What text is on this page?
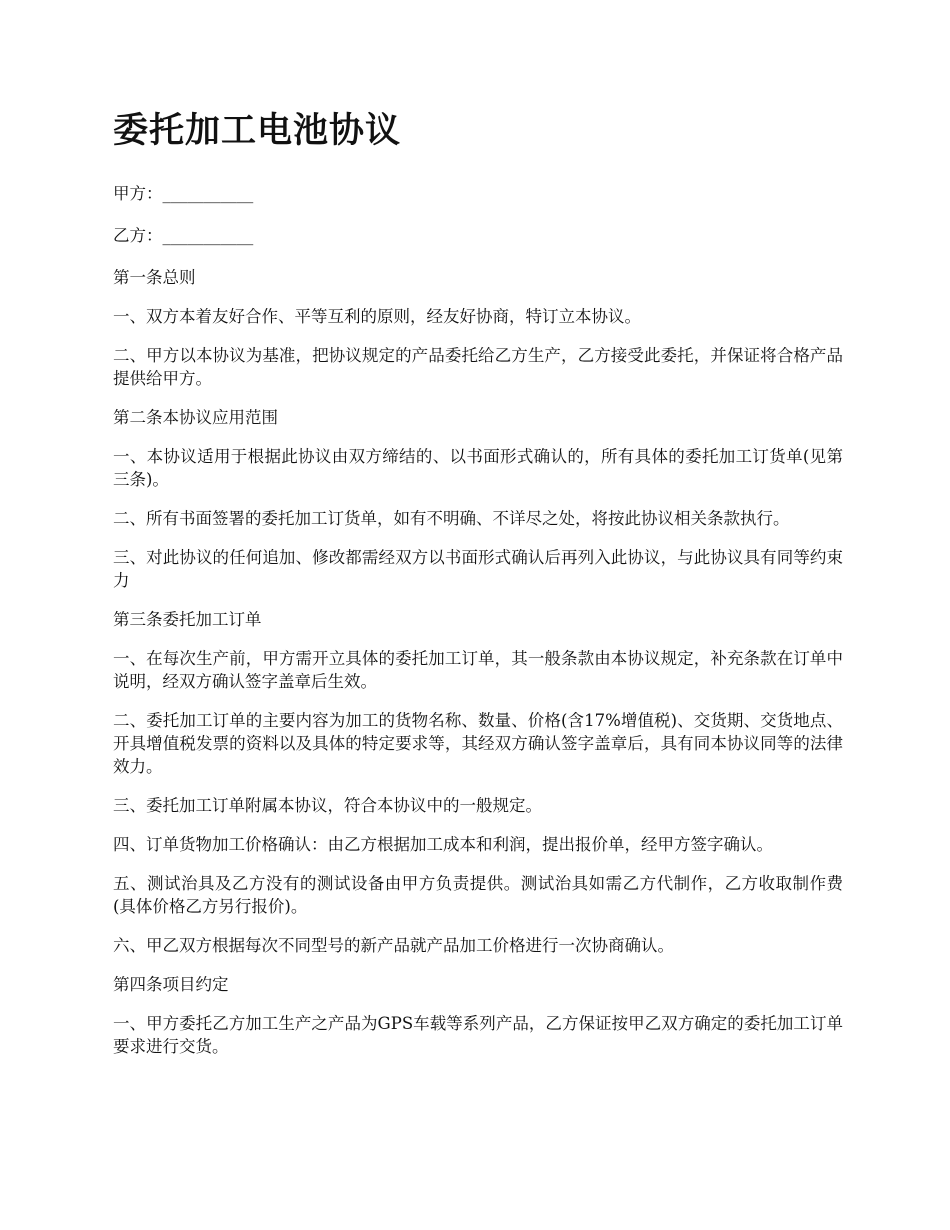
委托加工电池协议

甲方：___________

乙方：___________

第一条总则

一、双方本着友好合作、平等互利的原则，经友好协商，特订立本协议。

二、甲方以本协议为基准，把协议规定的产品委托给乙方生产，乙方接受此委托，并保证将合格产品提供给甲方。

第二条本协议应用范围

一、本协议适用于根据此协议由双方缔结的、以书面形式确认的，所有具体的委托加工订货单(见第三条)。

二、所有书面签署的委托加工订货单，如有不明确、不详尽之处，将按此协议相关条款执行。

三、对此协议的任何追加、修改都需经双方以书面形式确认后再列入此协议，与此协议具有同等约束力

第三条委托加工订单

一、在每次生产前，甲方需开立具体的委托加工订单，其一般条款由本协议规定，补充条款在订单中说明，经双方确认签字盖章后生效。

二、委托加工订单的主要内容为加工的货物名称、数量、价格(含17%增值税)、交货期、交货地点、开具增值税发票的资料以及具体的特定要求等，其经双方确认签字盖章后，具有同本协议同等的法律效力。

三、委托加工订单附属本协议，符合本协议中的一般规定。

四、订单货物加工价格确认：由乙方根据加工成本和利润，提出报价单，经甲方签字确认。

五、测试治具及乙方没有的测试设备由甲方负责提供。测试治具如需乙方代制作，乙方收取制作费(具体价格乙方另行报价)。

六、甲乙双方根据每次不同型号的新产品就产品加工价格进行一次协商确认。

第四条项目约定

一、甲方委托乙方加工生产之产品为GPS车载等系列产品，乙方保证按甲乙双方确定的委托加工订单要求进行交货。
